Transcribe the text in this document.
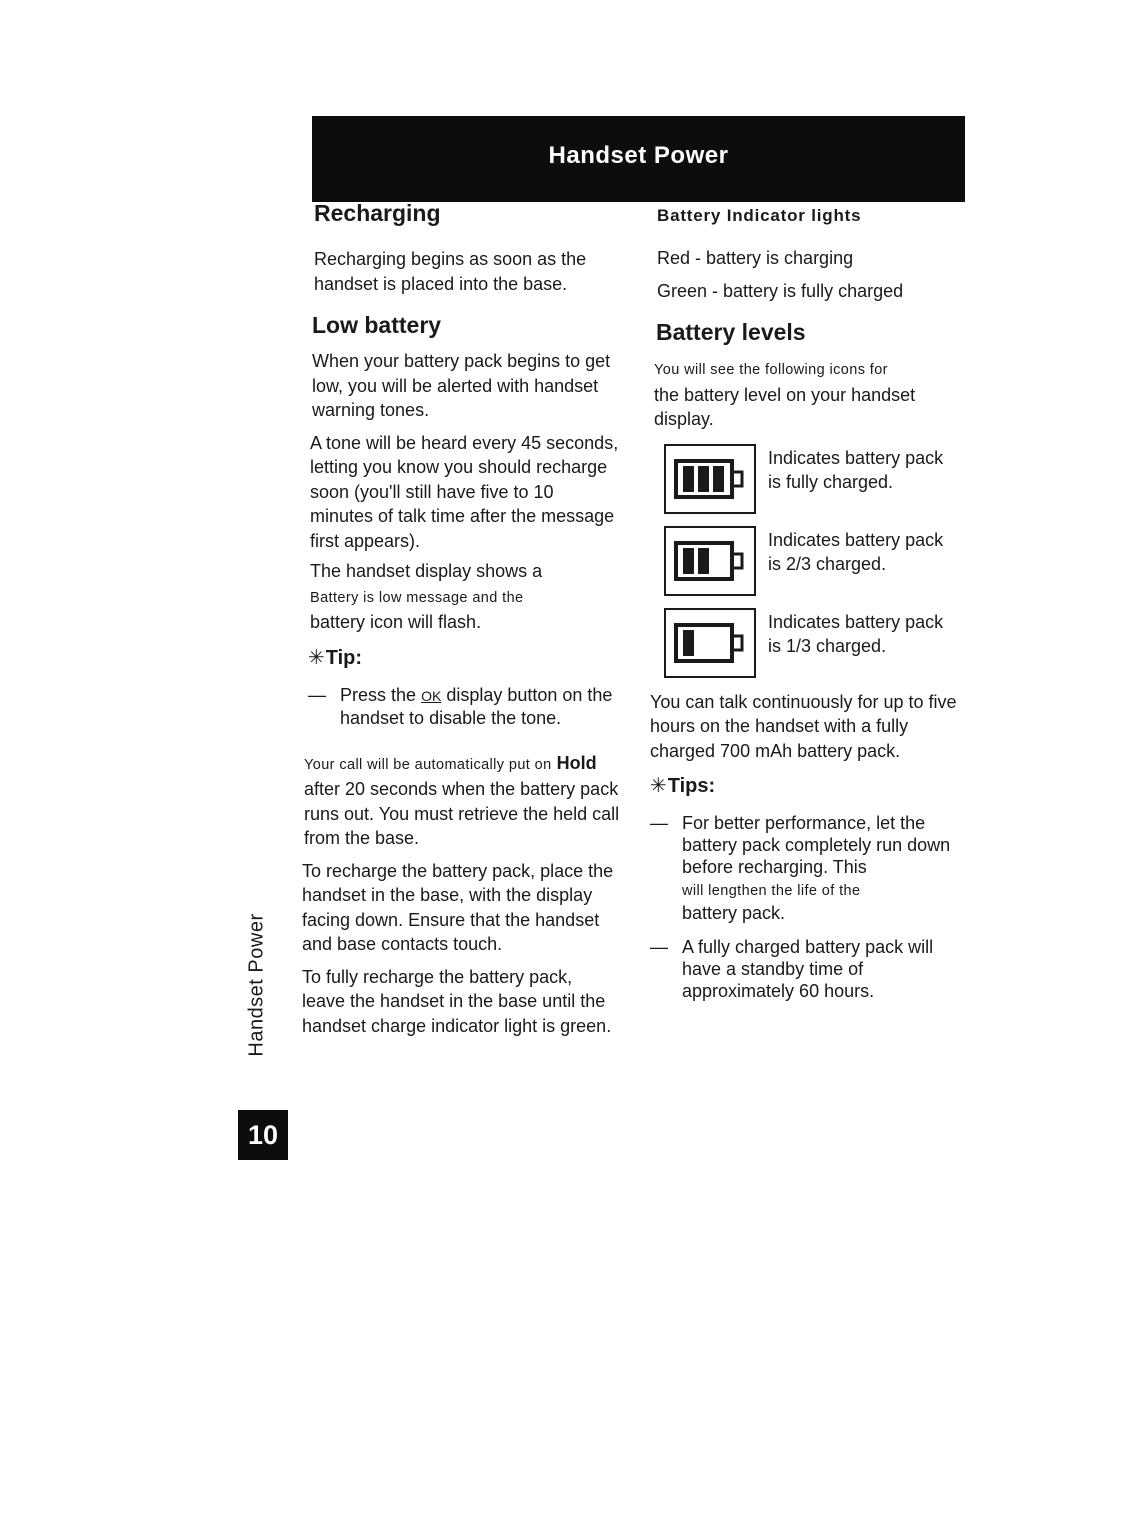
Handset Power
Recharging

Recharging begins as soon as the handset is placed into the base.

Low battery

When your battery pack begins to get low, you will be alerted with handset warning tones.

A tone will be heard every 45 seconds, letting you know you should recharge soon (you'll still have five to 10 minutes of talk time after the message first appears).

The handset display shows a
Battery is low message and the
battery icon will flash.

✳Tip:
— Press the OK display button on the handset to disable the tone.

Your call will be automatically put on Hold after 20 seconds when the battery pack runs out. You must retrieve the held call from the base.

To recharge the battery pack, place the handset in the base, with the display facing down. Ensure that the handset and base contacts touch.

To fully recharge the battery pack, leave the handset in the base until the handset charge indicator light is green.

Battery Indicator lights

Red - battery is charging

Green - battery is fully charged

Battery levels

You will see the following icons for
the battery level on your handset display.

Indicates battery pack is fully charged.
Indicates battery pack is 2/3 charged.
Indicates battery pack is 1/3 charged.

You can talk continuously for up to five hours on the handset with a fully charged 700 mAh battery pack.

✳Tips:
— For better performance, let the battery pack completely run down before recharging. This
will lengthen the life of the
battery pack.
— A fully charged battery pack will have a standby time of approximately 60 hours.
Handset Power
10
